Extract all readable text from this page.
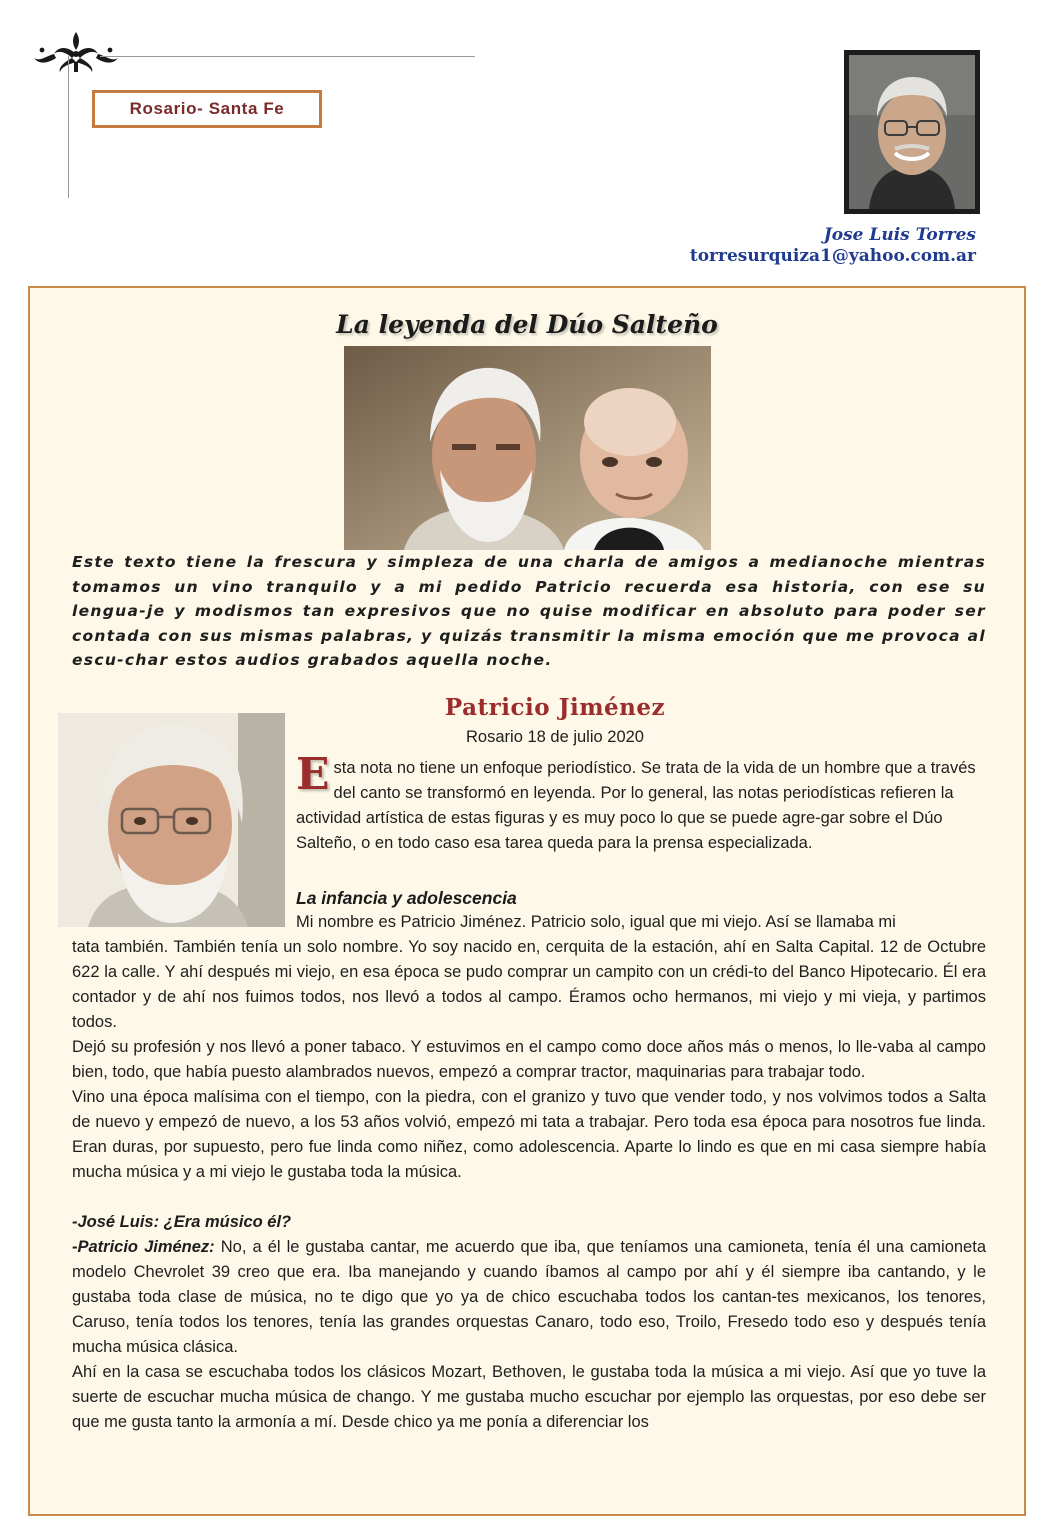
Rosario- Santa Fe
Jose Luis Torres
torresurquiza1@yahoo.com.ar
La leyenda del Dúo Salteño

Este texto tiene la frescura y simpleza de una charla de amigos a medianoche mientras tomamos un vino tranquilo y a mi pedido Patricio recuerda esa historia, con ese su lengua-je y modismos tan expresivos que no quise modificar en absoluto para poder ser contada con sus mismas palabras, y quizás transmitir la misma emoción que me provoca al escu-char estos audios grabados aquella noche.

Patricio Jiménez
Rosario 18 de julio 2020

Esta nota no tiene un enfoque periodístico. Se trata de la vida de un hombre que a través del canto se transformó en leyenda. Por lo general, las notas periodísticas refieren la actividad artística de estas figuras y es muy poco lo que se puede agre-gar sobre el Dúo Salteño, o en todo caso esa tarea queda para la prensa especializada.

La infancia y adolescencia

Mi nombre es Patricio Jiménez. Patricio solo, igual que mi viejo. Así se llamaba mi

tata también. También tenía un solo nombre. Yo soy nacido en, cerquita de la estación, ahí en Salta Capital. 12 de Octubre 622 la calle. Y ahí después mi viejo, en esa época se pudo comprar un campito con un crédi-to del Banco Hipotecario. Él era contador y de ahí nos fuimos todos, nos llevó a todos al campo. Éramos ocho hermanos, mi viejo y mi vieja, y partimos todos.

Dejó su profesión y nos llevó a poner tabaco. Y estuvimos en el campo como doce años más o menos, lo lle-vaba al campo bien, todo, que había puesto alambrados nuevos, empezó a comprar tractor, maquinarias para trabajar todo.

Vino una época malísima con el tiempo, con la piedra, con el granizo y tuvo que vender todo, y nos volvimos todos a Salta de nuevo y empezó de nuevo, a los 53 años volvió, empezó mi tata a trabajar. Pero toda esa época para nosotros fue linda. Eran duras, por supuesto, pero fue linda como niñez, como adolescencia. Aparte lo lindo es que en mi casa siempre había mucha música y a mi viejo le gustaba toda la música.

-José Luis: ¿Era músico él?

-Patricio Jiménez: No, a él le gustaba cantar, me acuerdo que iba, que teníamos una camioneta, tenía él una camioneta modelo Chevrolet 39 creo que era. Iba manejando y cuando íbamos al campo por ahí y él siempre iba cantando, y le gustaba toda clase de música, no te digo que yo ya de chico escuchaba todos los cantan-tes mexicanos, los tenores, Caruso, tenía todos los tenores, tenía las grandes orquestas Canaro, todo eso, Troilo, Fresedo todo eso y después tenía mucha música clásica.

Ahí en la casa se escuchaba todos los clásicos Mozart, Bethoven, le gustaba toda la música a mi viejo. Así que yo tuve la suerte de escuchar mucha música de chango. Y me gustaba mucho escuchar por ejemplo las orquestas, por eso debe ser que me gusta tanto la armonía a mí. Desde chico ya me ponía a diferenciar los
